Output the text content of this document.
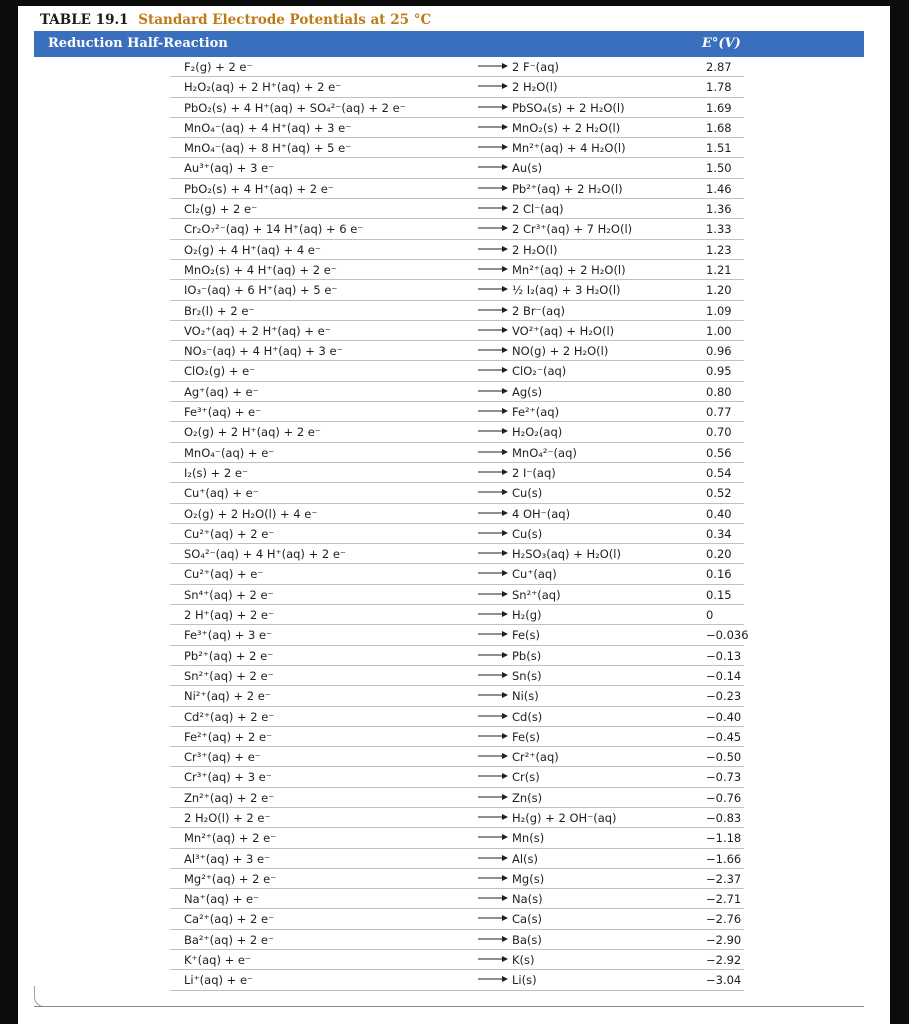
TABLE 19.1 Standard Electrode Potentials at 25 °C
Reduction Half-Reaction	E°(V)
F₂(g) + 2 e⁻	→ 2 F⁻(aq)	2.87
H₂O₂(aq) + 2 H⁺(aq) + 2 e⁻	→ 2 H₂O(l)	1.78
PbO₂(s) + 4 H⁺(aq) + SO₄²⁻(aq) + 2 e⁻	→ PbSO₄(s) + 2 H₂O(l)	1.69
MnO₄⁻(aq) + 4 H⁺(aq) + 3 e⁻	→ MnO₂(s) + 2 H₂O(l)	1.68
MnO₄⁻(aq) + 8 H⁺(aq) + 5 e⁻	→ Mn²⁺(aq) + 4 H₂O(l)	1.51
Au³⁺(aq) + 3 e⁻	→ Au(s)	1.50
PbO₂(s) + 4 H⁺(aq) + 2 e⁻	→ Pb²⁺(aq) + 2 H₂O(l)	1.46
Cl₂(g) + 2 e⁻	→ 2 Cl⁻(aq)	1.36
Cr₂O₇²⁻(aq) + 14 H⁺(aq) + 6 e⁻	→ 2 Cr³⁺(aq) + 7 H₂O(l)	1.33
O₂(g) + 4 H⁺(aq) + 4 e⁻	→ 2 H₂O(l)	1.23
MnO₂(s) + 4 H⁺(aq) + 2 e⁻	→ Mn²⁺(aq) + 2 H₂O(l)	1.21
IO₃⁻(aq) + 6 H⁺(aq) + 5 e⁻	→ ½ I₂(aq) + 3 H₂O(l)	1.20
Br₂(l) + 2 e⁻	→ 2 Br⁻(aq)	1.09
VO₂⁺(aq) + 2 H⁺(aq) + e⁻	→ VO²⁺(aq) + H₂O(l)	1.00
NO₃⁻(aq) + 4 H⁺(aq) + 3 e⁻	→ NO(g) + 2 H₂O(l)	0.96
ClO₂(g) + e⁻	→ ClO₂⁻(aq)	0.95
Ag⁺(aq) + e⁻	→ Ag(s)	0.80
Fe³⁺(aq) + e⁻	→ Fe²⁺(aq)	0.77
O₂(g) + 2 H⁺(aq) + 2 e⁻	→ H₂O₂(aq)	0.70
MnO₄⁻(aq) + e⁻	→ MnO₄²⁻(aq)	0.56
I₂(s) + 2 e⁻	→ 2 I⁻(aq)	0.54
Cu⁺(aq) + e⁻	→ Cu(s)	0.52
O₂(g) + 2 H₂O(l) + 4 e⁻	→ 4 OH⁻(aq)	0.40
Cu²⁺(aq) + 2 e⁻	→ Cu(s)	0.34
SO₄²⁻(aq) + 4 H⁺(aq) + 2 e⁻	→ H₂SO₃(aq) + H₂O(l)	0.20
Cu²⁺(aq) + e⁻	→ Cu⁺(aq)	0.16
Sn⁴⁺(aq) + 2 e⁻	→ Sn²⁺(aq)	0.15
2 H⁺(aq) + 2 e⁻	→ H₂(g)	0
Fe³⁺(aq) + 3 e⁻	→ Fe(s)	−0.036
Pb²⁺(aq) + 2 e⁻	→ Pb(s)	−0.13
Sn²⁺(aq) + 2 e⁻	→ Sn(s)	−0.14
Ni²⁺(aq) + 2 e⁻	→ Ni(s)	−0.23
Cd²⁺(aq) + 2 e⁻	→ Cd(s)	−0.40
Fe²⁺(aq) + 2 e⁻	→ Fe(s)	−0.45
Cr³⁺(aq) + e⁻	→ Cr²⁺(aq)	−0.50
Cr³⁺(aq) + 3 e⁻	→ Cr(s)	−0.73
Zn²⁺(aq) + 2 e⁻	→ Zn(s)	−0.76
2 H₂O(l) + 2 e⁻	→ H₂(g) + 2 OH⁻(aq)	−0.83
Mn²⁺(aq) + 2 e⁻	→ Mn(s)	−1.18
Al³⁺(aq) + 3 e⁻	→ Al(s)	−1.66
Mg²⁺(aq) + 2 e⁻	→ Mg(s)	−2.37
Na⁺(aq) + e⁻	→ Na(s)	−2.71
Ca²⁺(aq) + 2 e⁻	→ Ca(s)	−2.76
Ba²⁺(aq) + 2 e⁻	→ Ba(s)	−2.90
K⁺(aq) + e⁻	→ K(s)	−2.92
Li⁺(aq) + e⁻	→ Li(s)	−3.04
